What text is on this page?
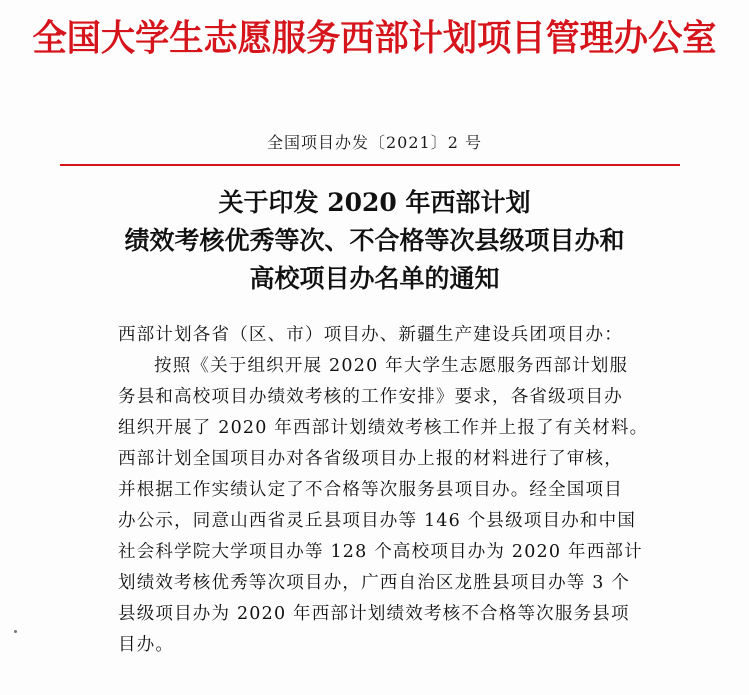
全国大学生志愿服务西部计划项目管理办公室
全国项目办发〔2021〕2 号
关于印发 2020 年西部计划
绩效考核优秀等次、不合格等次县级项目办和
高校项目办名单的通知
西部计划各省（区、市）项目办、新疆生产建设兵团项目办：
按照《关于组织开展 2020 年大学生志愿服务西部计划服
务县和高校项目办绩效考核的工作安排》要求，各省级项目办
组织开展了 2020 年西部计划绩效考核工作并上报了有关材料。
西部计划全国项目办对各省级项目办上报的材料进行了审核，
并根据工作实绩认定了不合格等次服务县项目办。经全国项目
办公示，同意山西省灵丘县项目办等 146 个县级项目办和中国
社会科学院大学项目办等 128 个高校项目办为 2020 年西部计
划绩效考核优秀等次项目办，广西自治区龙胜县项目办等 3 个
县级项目办为 2020 年西部计划绩效考核不合格等次服务县项
目办。
